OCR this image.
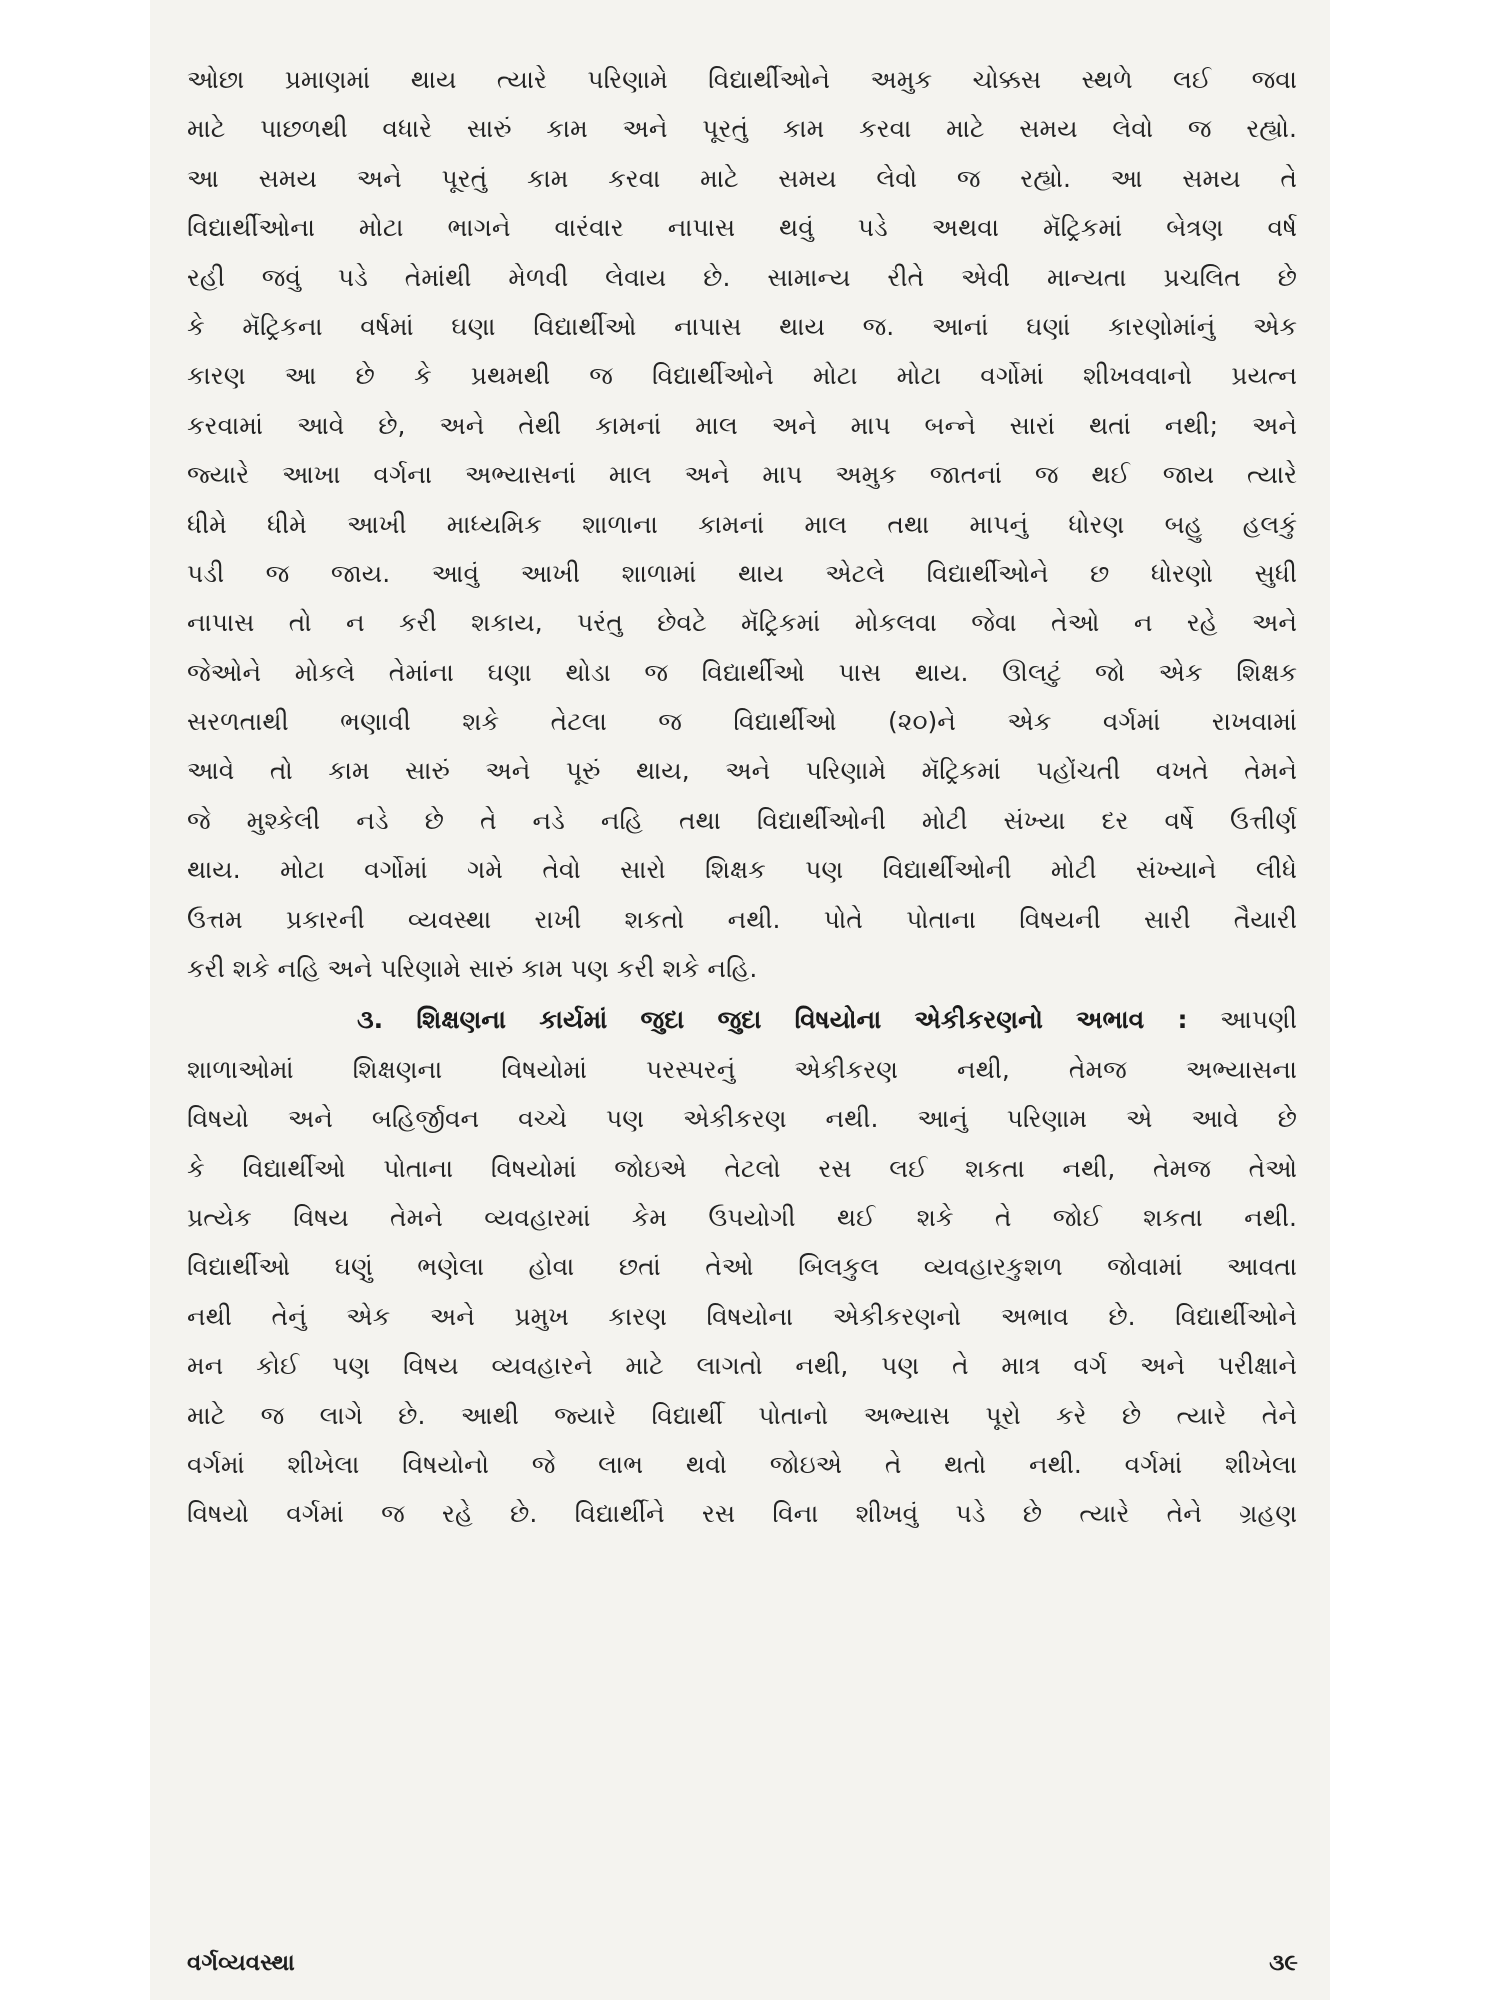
ઓછા પ્રમાણમાં થાય ત્યારે પરિણામે વિદ્યાર્થીઓને અમુક ચોક્કસ સ્થળે લઈ જવા
માટે પાછળથી વધારે સારું કામ અને પૂરતું કામ કરવા માટે સમય લેવો જ રહ્યો.
આ સમય અને પૂરતું કામ કરવા માટે સમય લેવો જ રહ્યો. આ સમય તે
વિદ્યાર્થીઓના મોટા ભાગને વારંવાર નાપાસ થવું પડે અથવા મૅટ્રિકમાં બેત્રણ વર્ષ
રહી જવું પડે તેમાંથી મેળવી લેવાય છે. સામાન્ય રીતે એવી માન્યતા પ્રચલિત છે
કે મૅટ્રિકના વર્ષમાં ઘણા વિદ્યાર્થીઓ નાપાસ થાય જ. આનાં ઘણાં કારણોમાંનું એક
કારણ આ છે કે પ્રથમથી જ વિદ્યાર્થીઓને મોટા મોટા વર્ગોમાં શીખવવાનો પ્રયત્ન
કરવામાં આવે છે, અને તેથી કામનાં માલ અને માપ બન્ને સારાં થતાં નથી; અને
જ્યારે આખા વર્ગના અભ્યાસનાં માલ અને માપ અમુક જાતનાં જ થઈ જાય ત્યારે
ધીમે ધીમે આખી માધ્યમિક શાળાના કામનાં માલ તથા માપનું ધોરણ બહુ હલકું
પડી જ જાય. આવું આખી શાળામાં થાય એટલે વિદ્યાર્થીઓને છ ધોરણો સુધી
નાપાસ તો ન કરી શકાય, પરંતુ છેવટે મૅટ્રિકમાં મોકલવા જેવા તેઓ ન રહે અને
જેઓને મોકલે તેમાંના ઘણા થોડા જ વિદ્યાર્થીઓ પાસ થાય. ઊલટું જો એક શિક્ષક
સરળતાથી ભણાવી શકે તેટલા જ વિદ્યાર્થીઓ (૨૦)ને એક વર્ગમાં રાખવામાં
આવે તો કામ સારું અને પૂરું થાય, અને પરિણામે મૅટ્રિકમાં પહોંચતી વખતે તેમને
જે મુશ્કેલી નડે છે તે નડે નહિ તથા વિદ્યાર્થીઓની મોટી સંખ્યા દર વર્ષે ઉત્તીર્ણ
થાય. મોટા વર્ગોમાં ગમે તેવો સારો શિક્ષક પણ વિદ્યાર્થીઓની મોટી સંખ્યાને લીધે
ઉત્તમ પ્રકારની વ્યવસ્થા રાખી શકતો નથી. પોતે પોતાના વિષયની સારી તૈયારી
કરી શકે નહિ અને પરિણામે સારું કામ પણ કરી શકે નહિ.
૩. શિક્ષણના કાર્યમાં જુદા જુદા વિષયોના એકીકરણનો અભાવ : આપણી
શાળાઓમાં શિક્ષણના વિષયોમાં પરસ્પરનું એકીકરણ નથી, તેમજ અભ્યાસના
વિષયો અને બહિર્જીવન વચ્ચે પણ એકીકરણ નથી. આનું પરિણામ એ આવે છે
કે વિદ્યાર્થીઓ પોતાના વિષયોમાં જોઇએ તેટલો રસ લઈ શકતા નથી, તેમજ તેઓ
પ્રત્યેક વિષય તેમને વ્યવહારમાં કેમ ઉપયોગી થઈ શકે તે જોઈ શકતા નથી.
વિદ્યાર્થીઓ ઘણું ભણેલા હોવા છતાં તેઓ બિલકુલ વ્યવહારકુશળ જોવામાં આવતા
નથી તેનું એક અને પ્રમુખ કારણ વિષયોના એકીકરણનો અભાવ છે. વિદ્યાર્થીઓને
મન કોઈ પણ વિષય વ્યવહારને માટે લાગતો નથી, પણ તે માત્ર વર્ગ અને પરીક્ષાને
માટે જ લાગે છે. આથી જ્યારે વિદ્યાર્થી પોતાનો અભ્યાસ પૂરો કરે છે ત્યારે તેને
વર્ગમાં શીખેલા વિષયોનો જે લાભ થવો જોઇએ તે થતો નથી. વર્ગમાં શીખેલા
વિષયો વર્ગમાં જ રહે છે. વિદ્યાર્થીને રસ વિના શીખવું પડે છે ત્યારે તેને ગ્રહણ
વર્ગવ્યવસ્થા	૩૯
